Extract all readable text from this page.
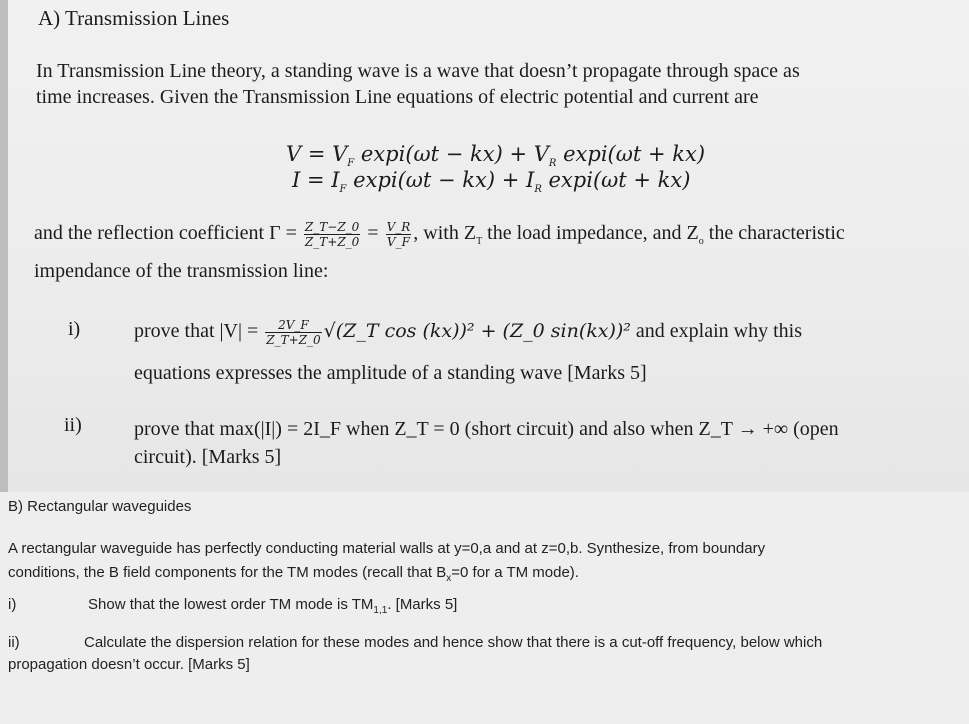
A) Transmission Lines
In Transmission Line theory, a standing wave is a wave that doesn’t propagate through space as
time increases. Given the Transmission Line equations of electric potential and current are
$V = V_F$ $\exp i(\omega t - kx) + V_R$ expi(ωt + kx)
$I = I_F$ $\exp i(\omega t - kx) + I_R$ expi(ωt + kx)
and the reflection coefficient $\Gamma = \frac{Z\_T-Z\_0}{Z\_T+Z\_0} = \frac{V\_R}{V\_F}$ , with $Z_T$ the load impedance, and $Z_o$ the characteristic
impendance of the transmission line:
i)	prove that $|V| = \frac{2V\_F}{Z\_T+Z\_0}$ √(Z_T cos (kx))² + (Z_0 sin(kx))² and explain why this
equations expresses the amplitude of a standing wave [Marks 5]
ii)	prove that max(|I|) = 2I_F when Z_T = 0 (short circuit) and also when Z_T → +∞ (open
circuit). [Marks 5]
B) Rectangular waveguides
A rectangular waveguide has perfectly conducting material walls at y=0,a and at z=0,b. Synthesize, from boundary
conditions, the B field components for the TM modes (recall that $B_x=0$ for a TM mode).
i)	Show that the lowest order TM mode is $TM_{1,1}$. [Marks 5]
ii)	Calculate the dispersion relation for these modes and hence show that there is a cut-off frequency, below which
propagation doesn’t occur. [Marks 5]
